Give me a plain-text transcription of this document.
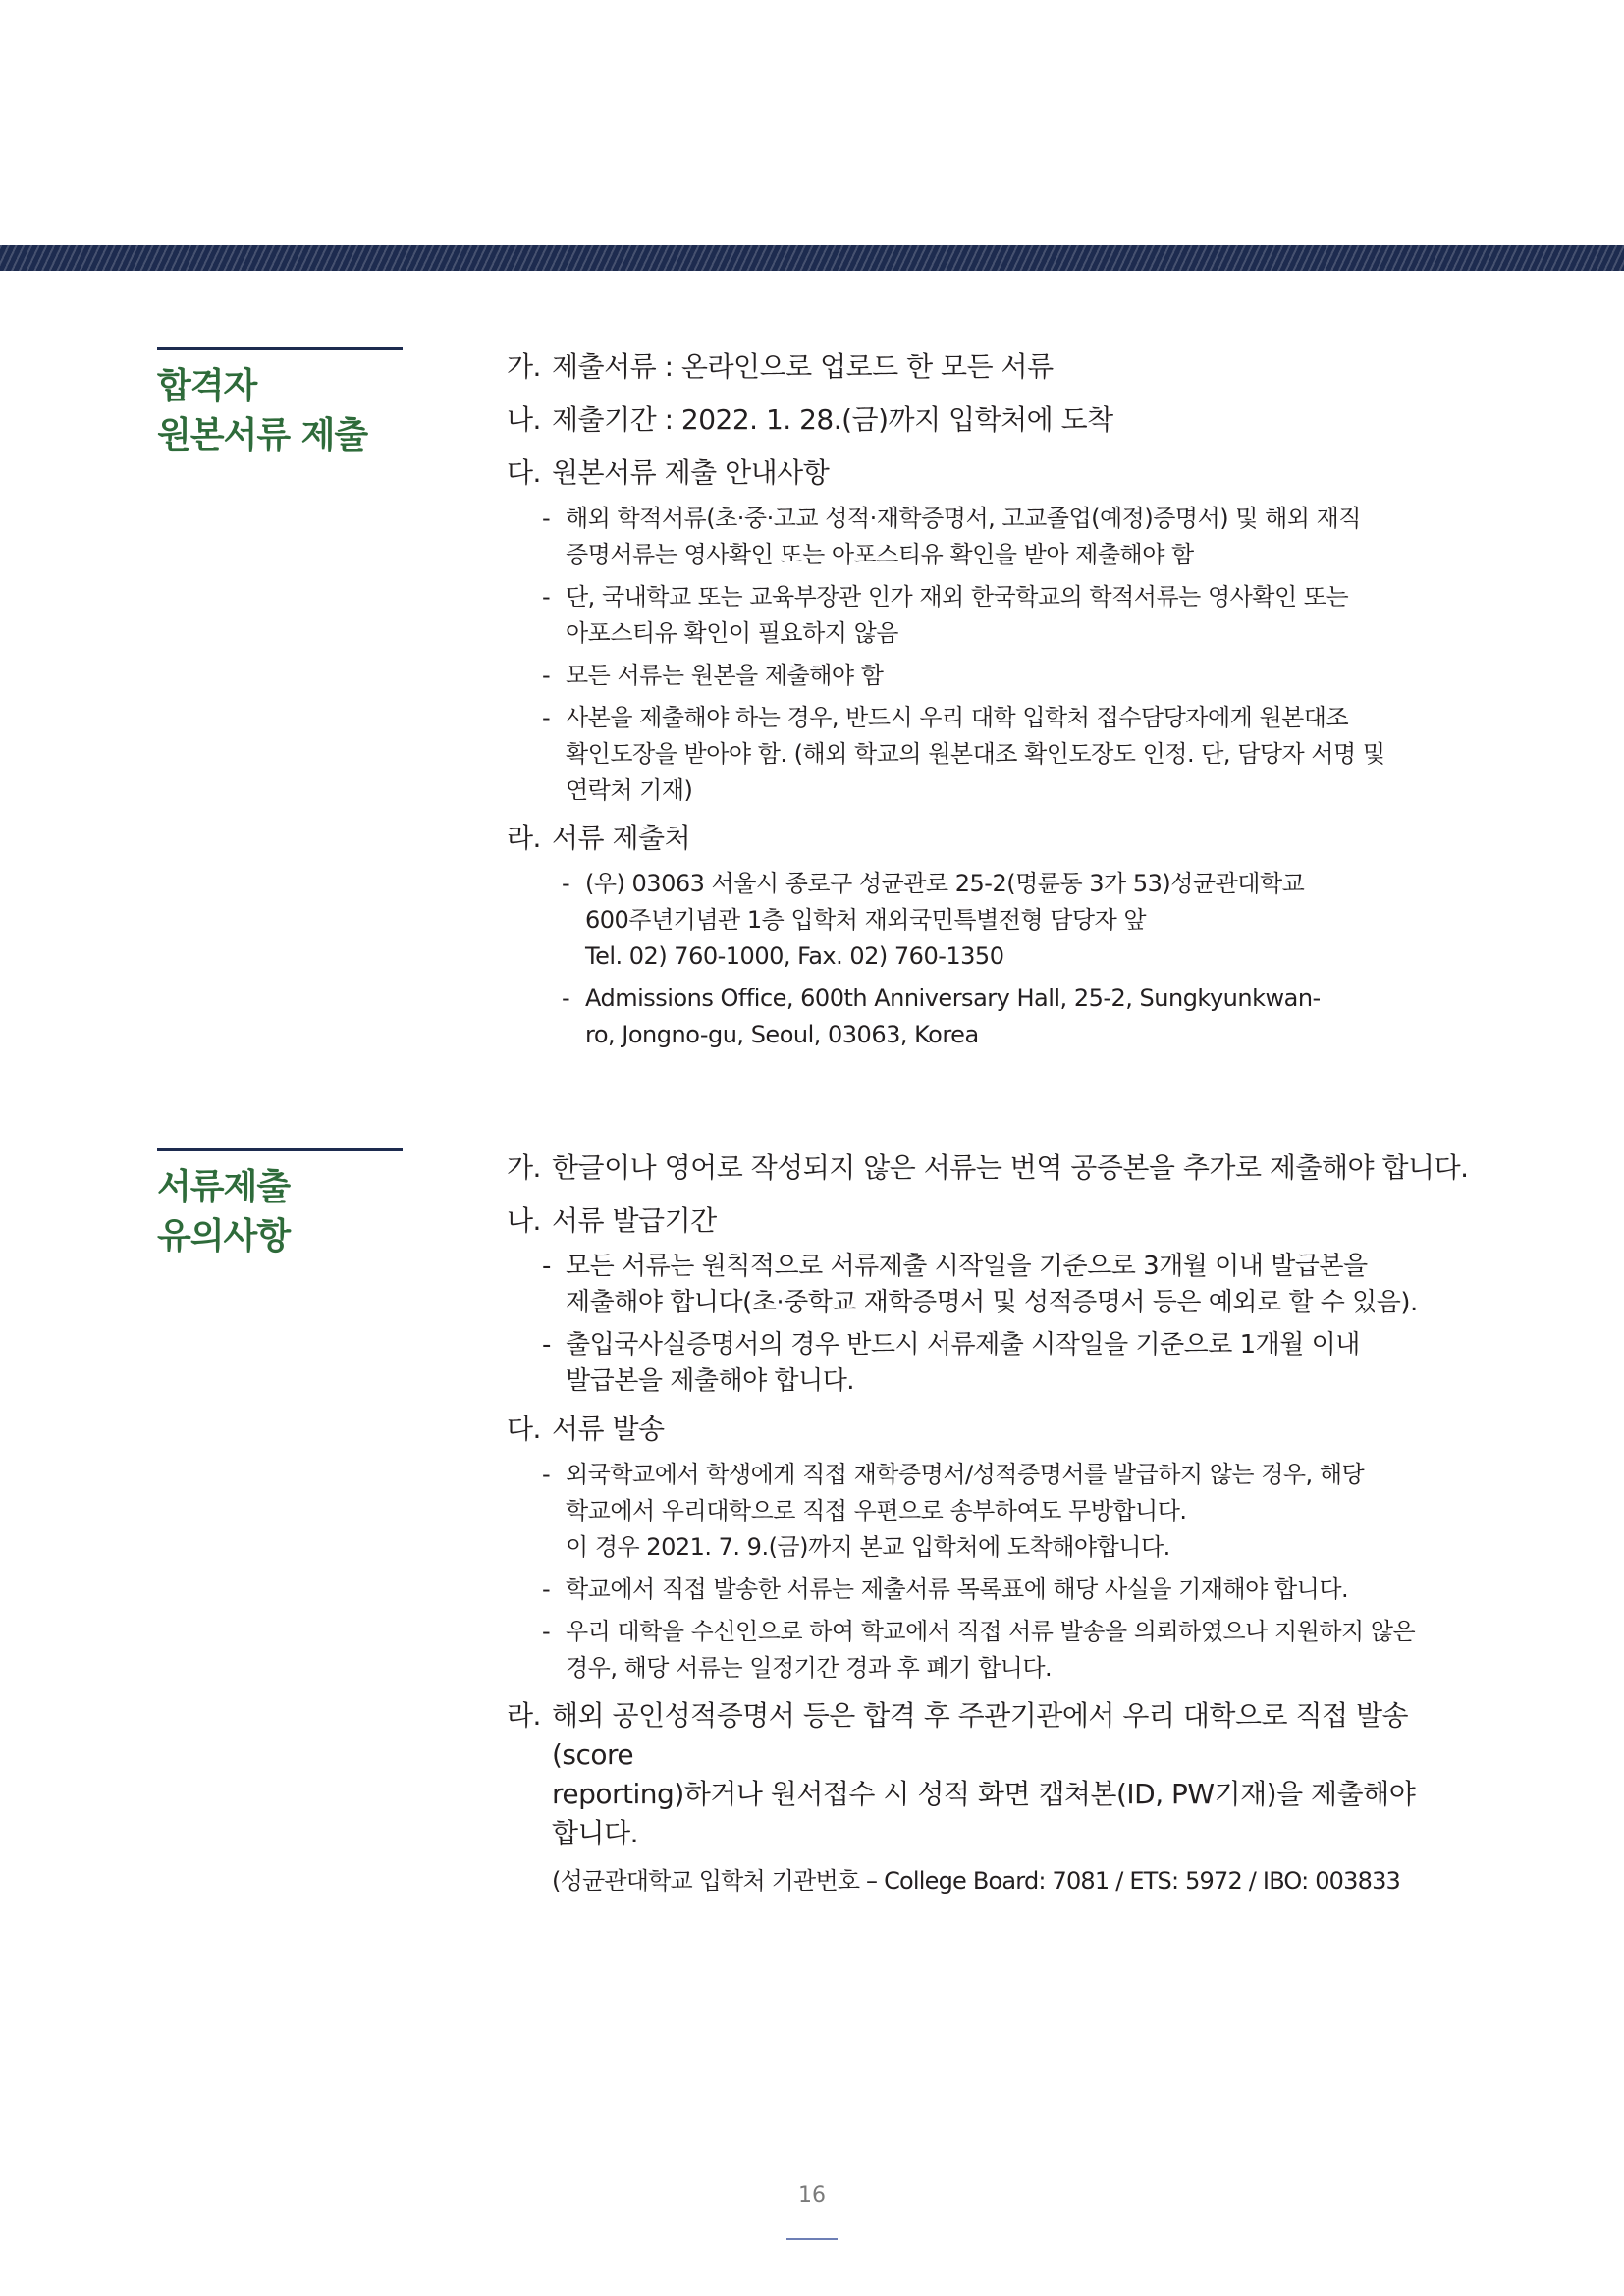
합격자
원본서류 제출
가. 제출서류 : 온라인으로 업로드 한 모든 서류
나. 제출기간 : 2022. 1. 28.(금)까지 입학처에 도착
다. 원본서류 제출 안내사항
- 해외 학적서류(초·중·고교 성적·재학증명서, 고교졸업(예정)증명서) 및 해외 재직
증명서류는 영사확인 또는 아포스티유 확인을 받아 제출해야 함
- 단, 국내학교 또는 교육부장관 인가 재외 한국학교의 학적서류는 영사확인 또는
아포스티유 확인이 필요하지 않음
- 모든 서류는 원본을 제출해야 함
- 사본을 제출해야 하는 경우, 반드시 우리 대학 입학처 접수담당자에게 원본대조
확인도장을 받아야 함. (해외 학교의 원본대조 확인도장도 인정. 단, 담당자 서명 및
연락처 기재)
라. 서류 제출처
- (우) 03063 서울시 종로구 성균관로 25-2(명륜동 3가 53)성균관대학교
600주년기념관 1층 입학처 재외국민특별전형 담당자 앞
Tel. 02) 760-1000, Fax. 02) 760-1350
- Admissions Office, 600th Anniversary Hall, 25-2, Sungkyunkwan-
ro, Jongno-gu, Seoul, 03063, Korea
서류제출
유의사항
가. 한글이나 영어로 작성되지 않은 서류는 번역 공증본을 추가로 제출해야 합니다.
나. 서류 발급기간
- 모든 서류는 원칙적으로 서류제출 시작일을 기준으로 3개월 이내 발급본을
제출해야 합니다(초·중학교 재학증명서 및 성적증명서 등은 예외로 할 수 있음).
- 출입국사실증명서의 경우 반드시 서류제출 시작일을 기준으로 1개월 이내
발급본을 제출해야 합니다.
다. 서류 발송
- 외국학교에서 학생에게 직접 재학증명서/성적증명서를 발급하지 않는 경우, 해당
학교에서 우리대학으로 직접 우편으로 송부하여도 무방합니다.
이 경우 2021. 7. 9.(금)까지 본교 입학처에 도착해야합니다.
- 학교에서 직접 발송한 서류는 제출서류 목록표에 해당 사실을 기재해야 합니다.
- 우리 대학을 수신인으로 하여 학교에서 직접 서류 발송을 의뢰하였으나 지원하지 않은
경우, 해당 서류는 일정기간 경과 후 폐기 합니다.
라. 해외 공인성적증명서 등은 합격 후 주관기관에서 우리 대학으로 직접 발송(score
reporting)하거나 원서접수 시 성적 화면 캡쳐본(ID, PW기재)을 제출해야
합니다.
(성균관대학교 입학처 기관번호 – College Board: 7081 / ETS: 5972 / IBO: 003833
16
